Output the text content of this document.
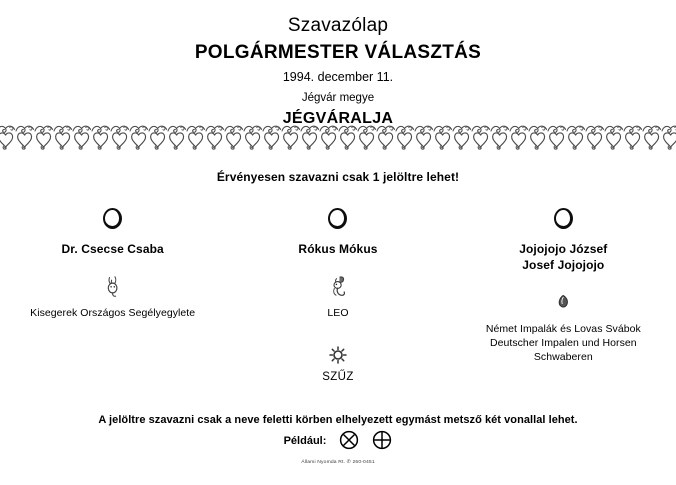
Szavazólap
POLGÁRMESTER VÁLASZTÁS
1994. december 11.
Jégvár megye
JÉGVÁRALJA
Érvényesen szavazni csak 1 jelöltre lehet!
Dr. Csecse Csaba
Kisegerek Országos Segélyegylete
Rókus Mókus
LEO
Jojojojo József
Josef Jojojojo
Német Impalák és Lovas Svábok
Deutscher Impalen und Horsen
Schwaberen
SZŰZ
A jelöltre szavazni csak a neve feletti körben elhelyezett egymást metsző két vonallal lehet.
Például:
Állami Nyomda Rt. ✆ 260-0451
